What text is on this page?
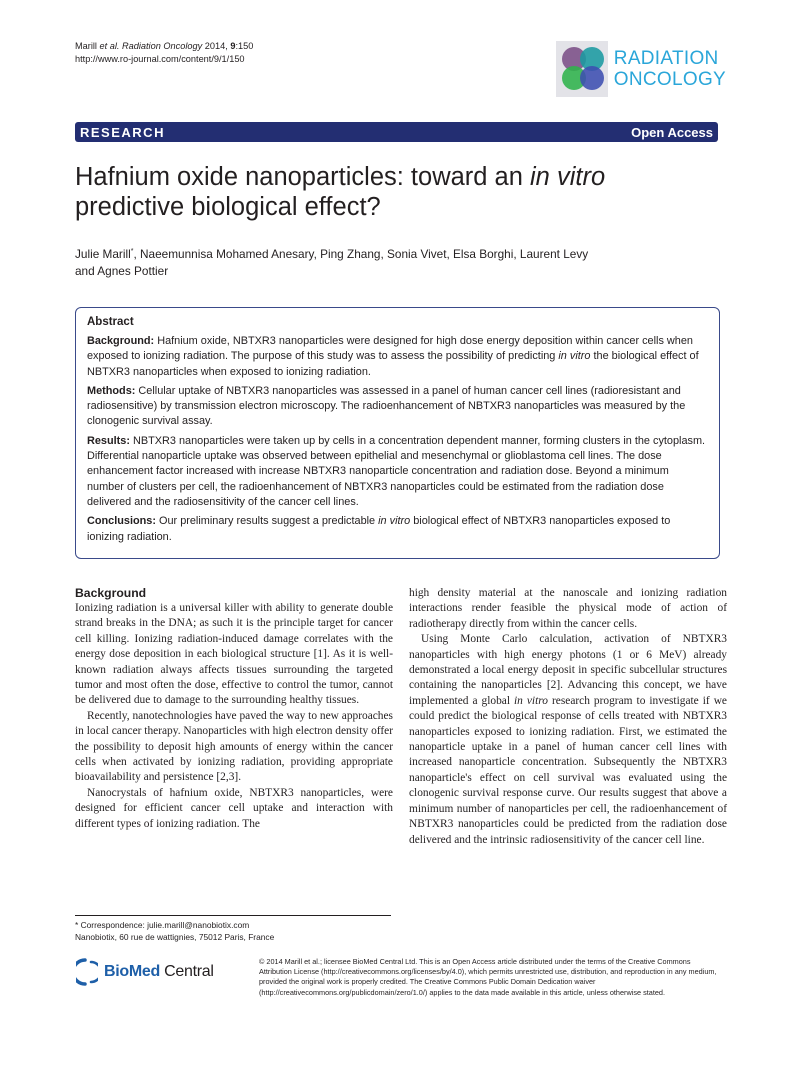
Marill et al. Radiation Oncology 2014, 9:150
http://www.ro-journal.com/content/9/1/150	RADIATION
ONCOLOGY
RESEARCH	Open Access
Hafnium oxide nanoparticles: toward an in vitro
predictive biological effect?
Julie Marill*, Naeemunnisa Mohamed Anesary, Ping Zhang, Sonia Vivet, Elsa Borghi, Laurent Levy
and Agnes Pottier
Abstract

Background: Hafnium oxide, NBTXR3 nanoparticles were designed for high dose energy deposition within cancer cells when exposed to ionizing radiation. The purpose of this study was to assess the possibility of predicting in vitro the biological effect of NBTXR3 nanoparticles when exposed to ionizing radiation.

Methods: Cellular uptake of NBTXR3 nanoparticles was assessed in a panel of human cancer cell lines (radioresistant and radiosensitive) by transmission electron microscopy. The radioenhancement of NBTXR3 nanoparticles was measured by the clonogenic survival assay.

Results: NBTXR3 nanoparticles were taken up by cells in a concentration dependent manner, forming clusters in the cytoplasm. Differential nanoparticle uptake was observed between epithelial and mesenchymal or glioblastoma cell lines. The dose enhancement factor increased with increase NBTXR3 nanoparticle concentration and radiation dose. Beyond a minimum number of clusters per cell, the radioenhancement of NBTXR3 nanoparticles could be estimated from the radiation dose delivered and the radiosensitivity of the cancer cell lines.

Conclusions: Our preliminary results suggest a predictable in vitro biological effect of NBTXR3 nanoparticles exposed to ionizing radiation.

Background

Ionizing radiation is a universal killer with ability to generate double strand breaks in the DNA; as such it is the principle target for cancer cell killing. Ionizing radiation-induced damage correlates with the energy dose deposition in each biological structure [1]. As it is well-known radiation always affects tissues surrounding the targeted tumor and most often the dose, effective to control the tumor, cannot be delivered due to damage to the surrounding healthy tissues.

Recently, nanotechnologies have paved the way to new approaches in local cancer therapy. Nanoparticles with high electron density offer the possibility to deposit high amounts of energy within the cancer cells when activated by ionizing radiation, providing appropriate bioavailability and persistence [2,3].

Nanocrystals of hafnium oxide, NBTXR3 nanoparticles, were designed for efficient cancer cell uptake and interaction with different types of ionizing radiation. The

high density material at the nanoscale and ionizing radiation interactions render feasible the physical mode of action of radiotherapy directly from within the cancer cells.

Using Monte Carlo calculation, activation of NBTXR3 nanoparticles with high energy photons (1 or 6 MeV) already demonstrated a local energy deposit in specific subcellular structures containing the nanoparticles [2]. Advancing this concept, we have implemented a global in vitro research program to investigate if we could predict the biological response of cells treated with NBTXR3 nanoparticles exposed to ionizing radiation. First, we estimated the nanoparticle uptake in a panel of human cancer cell lines with increased nanoparticle concentration. Subsequently the NBTXR3 nanoparticle's effect on cell survival was evaluated using the clonogenic survival response curve. Our results suggest that above a minimum number of nanoparticles per cell, the radioenhancement of NBTXR3 nanoparticles could be predicted from the radiation dose delivered and the intrinsic radiosensitivity of the cancer cell line.

* Correspondence: julie.marill@nanobiotix.com
Nanobiotix, 60 rue de wattignies, 75012 Paris, France
BioMed Central
© 2014 Marill et al.; licensee BioMed Central Ltd. This is an Open Access article distributed under the terms of the Creative Commons Attribution License (http://creativecommons.org/licenses/by/4.0), which permits unrestricted use, distribution, and reproduction in any medium, provided the original work is properly credited. The Creative Commons Public Domain Dedication waiver (http://creativecommons.org/publicdomain/zero/1.0/) applies to the data made available in this article, unless otherwise stated.
